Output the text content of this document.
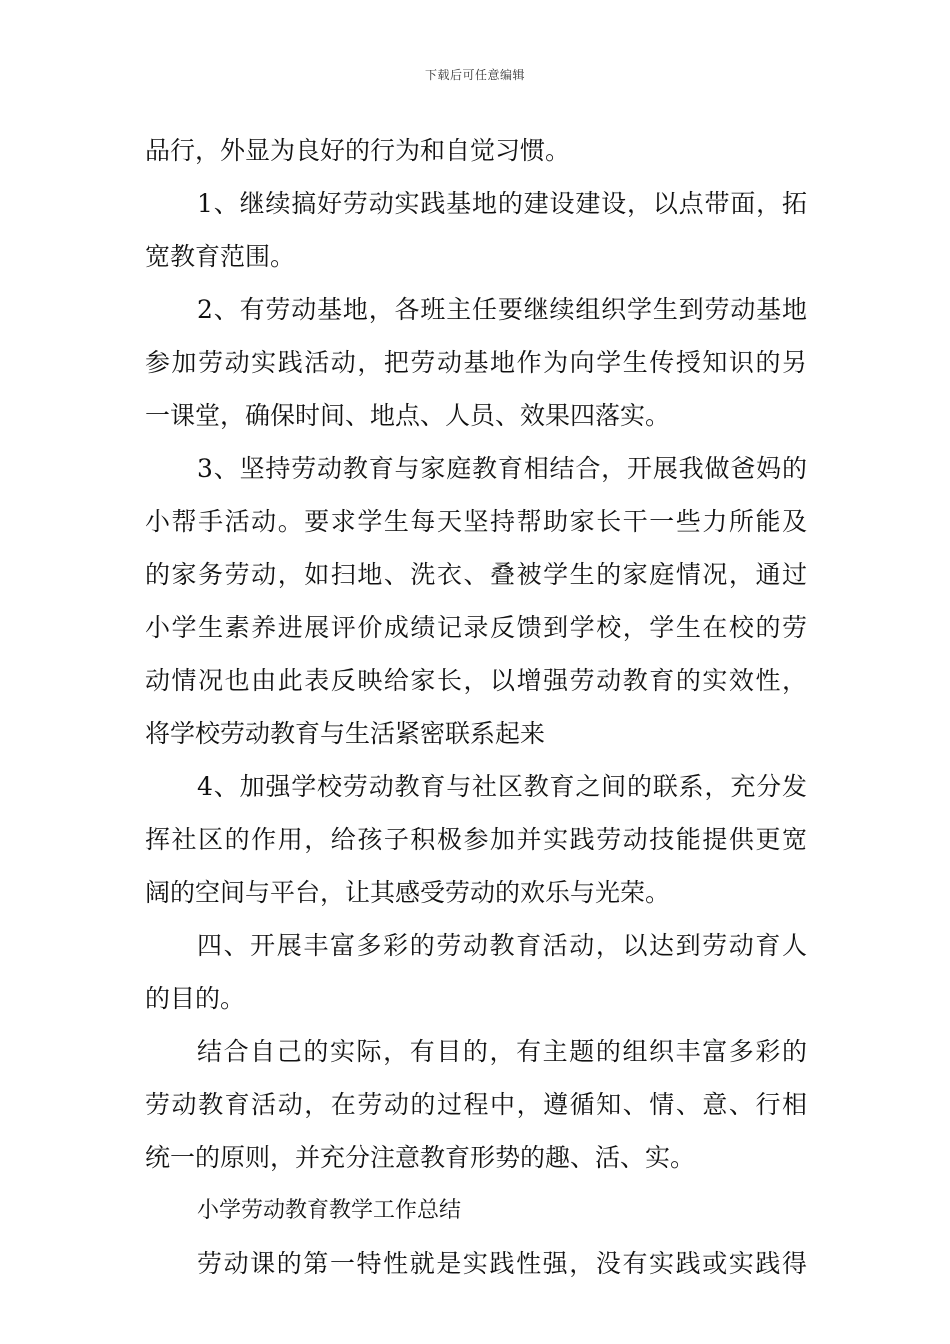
下载后可任意编辑
品行，外显为良好的行为和自觉习惯。
1、继续搞好劳动实践基地的建设建设，以点带面，拓
宽教育范围。
2、有劳动基地，各班主任要继续组织学生到劳动基地
参加劳动实践活动，把劳动基地作为向学生传授知识的另
一课堂，确保时间、地点、人员、效果四落实。
3、坚持劳动教育与家庭教育相结合，开展我做爸妈的
小帮手活动。要求学生每天坚持帮助家长干一些力所能及
的家务劳动，如扫地、洗衣、叠被学生的家庭情况，通过
小学生素养进展评价成绩记录反馈到学校，学生在校的劳
动情况也由此表反映给家长，以增强劳动教育的实效性，
将学校劳动教育与生活紧密联系起来
4、加强学校劳动教育与社区教育之间的联系，充分发
挥社区的作用，给孩子积极参加并实践劳动技能提供更宽
阔的空间与平台，让其感受劳动的欢乐与光荣。
四、开展丰富多彩的劳动教育活动，以达到劳动育人
的目的。
结合自己的实际，有目的，有主题的组织丰富多彩的
劳动教育活动，在劳动的过程中，遵循知、情、意、行相
统一的原则，并充分注意教育形势的趣、活、实。
小学劳动教育教学工作总结
劳动课的第一特性就是实践性强，没有实践或实践得
